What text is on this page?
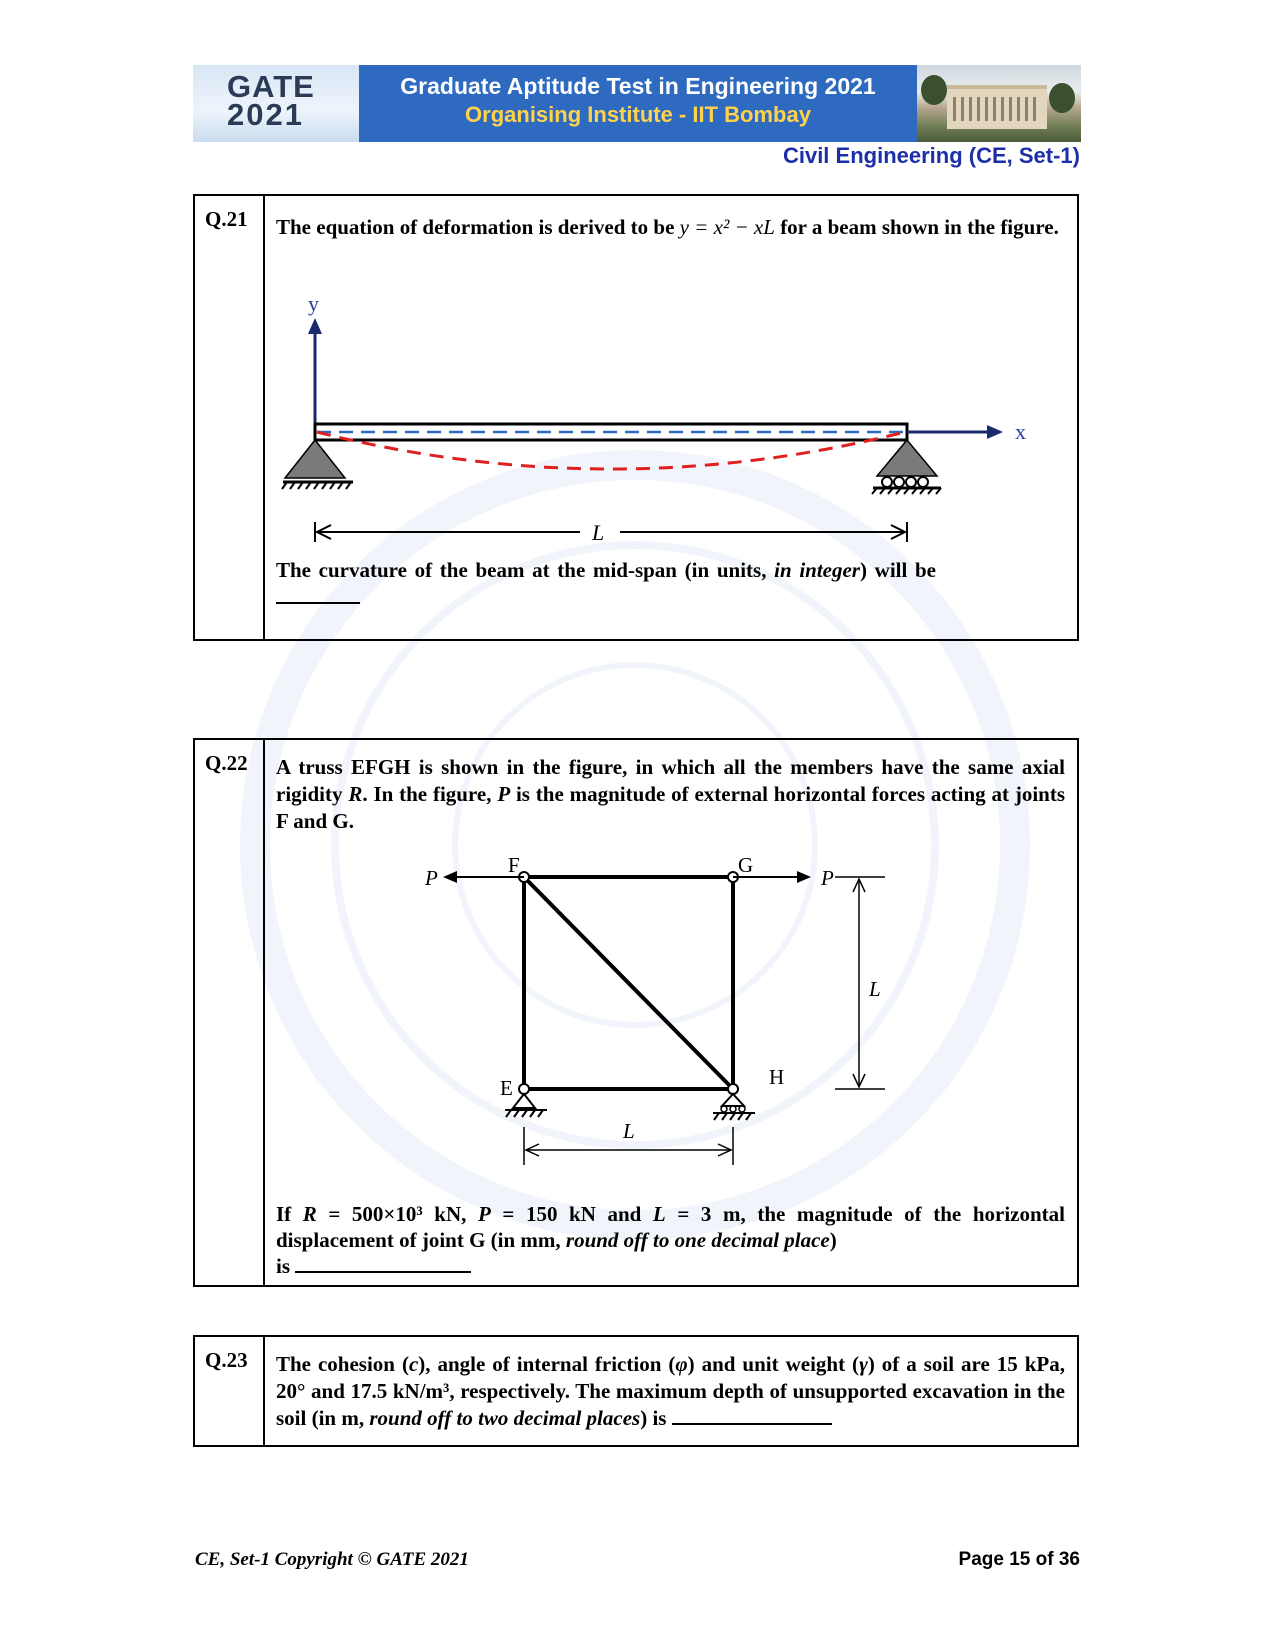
GATE
2021
Graduate Aptitude Test in Engineering 2021
Organising Institute - IIT Bombay
Civil Engineering (CE, Set-1)
Q.21	The equation of deformation is derived to be y = x² − xL for a beam shown in the figure.
y
x
L
The curvature of the beam at the mid-span (in units, in integer) will be
Q.22	A truss EFGH is shown in the figure, in which all the members have the same axial rigidity R. In the figure, P is the magnitude of external horizontal forces acting at joints F and G.
F	G
E	H
P	P
L
L
If R = 500×10³ kN, P = 150 kN and L = 3 m, the magnitude of the horizontal displacement of joint G (in mm, round off to one decimal place)
is
Q.23	The cohesion (c), angle of internal friction (φ) and unit weight (γ) of a soil are 15 kPa, 20° and 17.5 kN/m³, respectively. The maximum depth of unsupported excavation in the soil (in m, round off to two decimal places) is
CE, Set-1 Copyright © GATE 2021	Page 15 of 36
